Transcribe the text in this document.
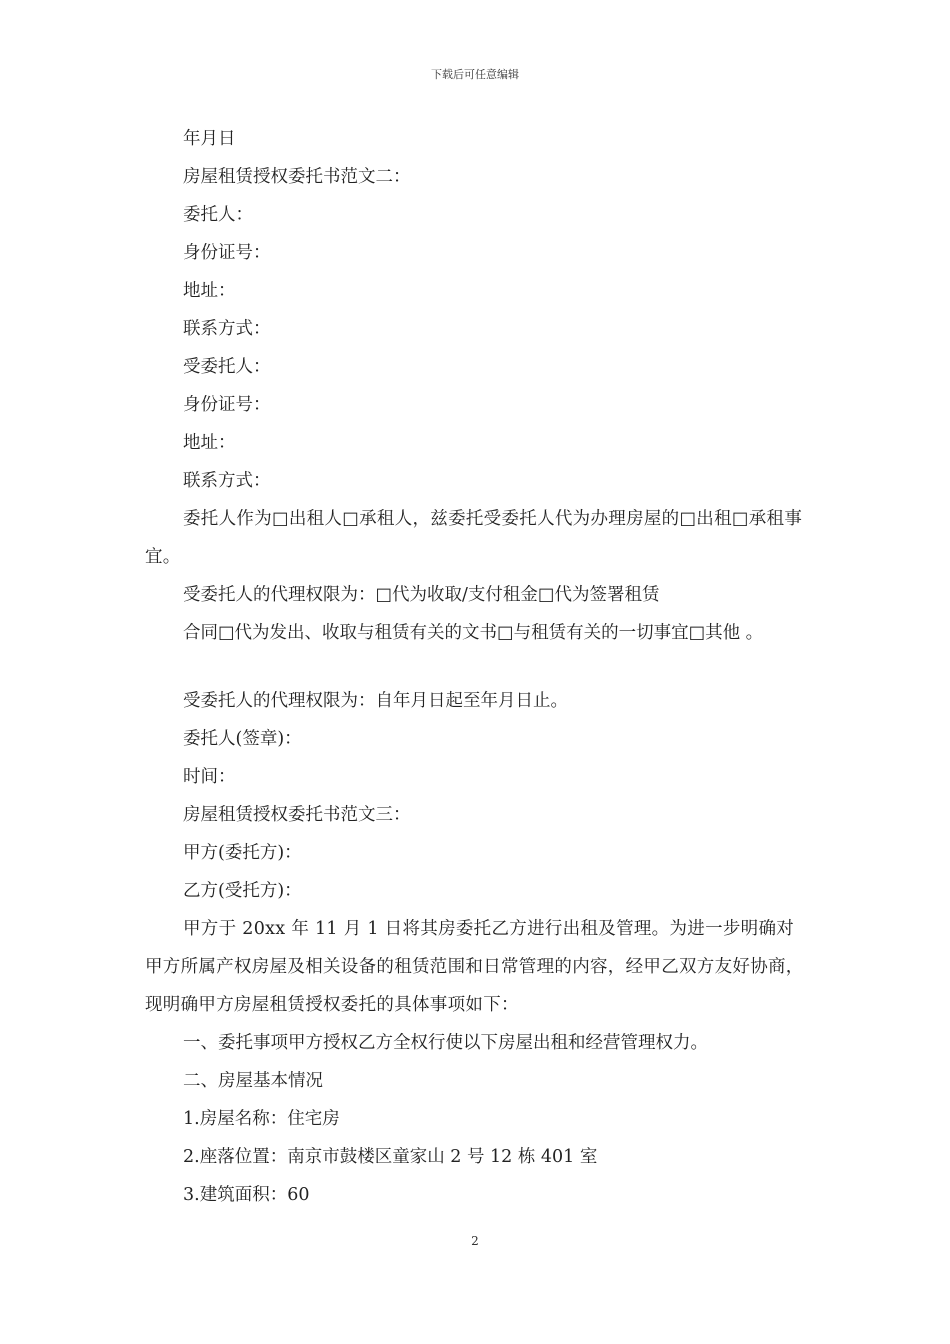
下载后可任意编辑

年月日

房屋租赁授权委托书范文二：

委托人：

身份证号：

地址：

联系方式：

受委托人：

身份证号：

地址：

联系方式：

委托人作为□出租人□承租人，兹委托受委托人代为办理房屋的□出租□承租事宜。

受委托人的代理权限为：□代为收取/支付租金□代为签署租赁

合同□代为发出、收取与租赁有关的文书□与租赁有关的一切事宜□其他 。

受委托人的代理权限为：自年月日起至年月日止。

委托人(签章)：

时间：

房屋租赁授权委托书范文三：

甲方(委托方)：

乙方(受托方)：

甲方于 20xx 年 11 月 1 日将其房委托乙方进行出租及管理。为进一步明确对甲方所属产权房屋及相关设备的租赁范围和日常管理的内容，经甲乙双方友好协商，现明确甲方房屋租赁授权委托的具体事项如下：

一、委托事项甲方授权乙方全权行使以下房屋出租和经营管理权力。

二、房屋基本情况

1.房屋名称：住宅房

2.座落位置：南京市鼓楼区童家山 2 号 12 栋 401 室

3.建筑面积：60

2
